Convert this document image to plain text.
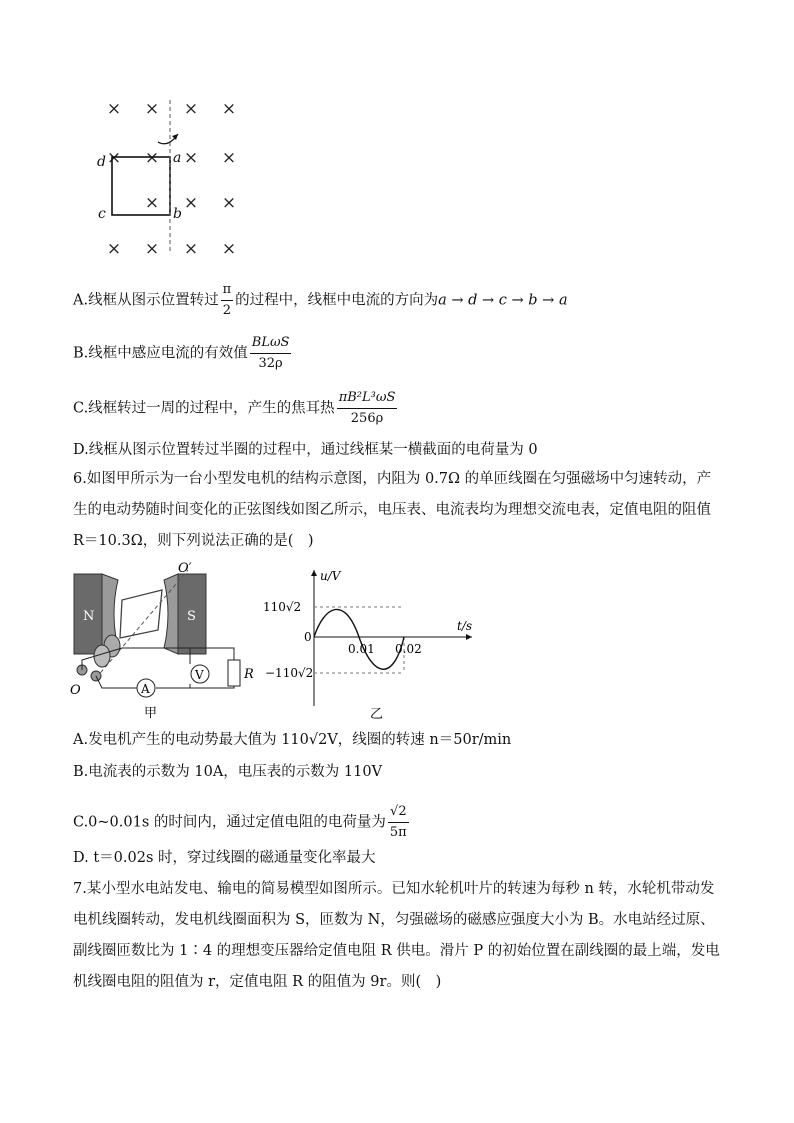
× × × ×
× × × ×
× × ×
× × × ×
a
b
c
d
A.线框从图示位置转过 $\frac{\pi}{2}$ 的过程中，线框中电流的方向为a → d → c → b → a
B.线框中感应电流的有效值 $\frac{\text{BLωS}}{32\rho}$
C.线框转过一周的过程中，产生的焦耳热 $\frac{\text{πB²L³ωS}}{256\rho}$
D.线框从图示位置转过半圈的过程中，通过线框某一横截面的电荷量为 0
6.如图甲所示为一台小型发电机的结构示意图，内阻为 0.7Ω 的单匝线圈在匀强磁场中匀速转动，产生的电动势随时间变化的正弦图线如图乙所示，电压表、电流表均为理想交流电表，定值电阻的阻值 R＝10.3Ω，则下列说法正确的是(　)
N	S
O′
O
R
A
V
甲
u/V
t/s
0
110√2
−110√2
0.01 0.02
乙
A.发电机产生的电动势最大值为 110√2V，线圈的转速 n＝50r/min
B.电流表的示数为 10A，电压表的示数为 110V
C.0~0.01s 的时间内，通过定值电阻的电荷量为 $\frac{√2}{5\pi}$
D. t＝0.02s 时，穿过线圈的磁通量变化率最大
7.某小型水电站发电、输电的简易模型如图所示。已知水轮机叶片的转速为每秒 n 转，水轮机带动发电机线圈转动，发电机线圈面积为 S，匝数为 N，匀强磁场的磁感应强度大小为 B。水电站经过原、副线圈匝数比为 1∶4 的理想变压器给定值电阻 R 供电。滑片 P 的初始位置在副线圈的最上端，发电机线圈电阻的阻值为 r，定值电阻 R 的阻值为 9r。则(　)
